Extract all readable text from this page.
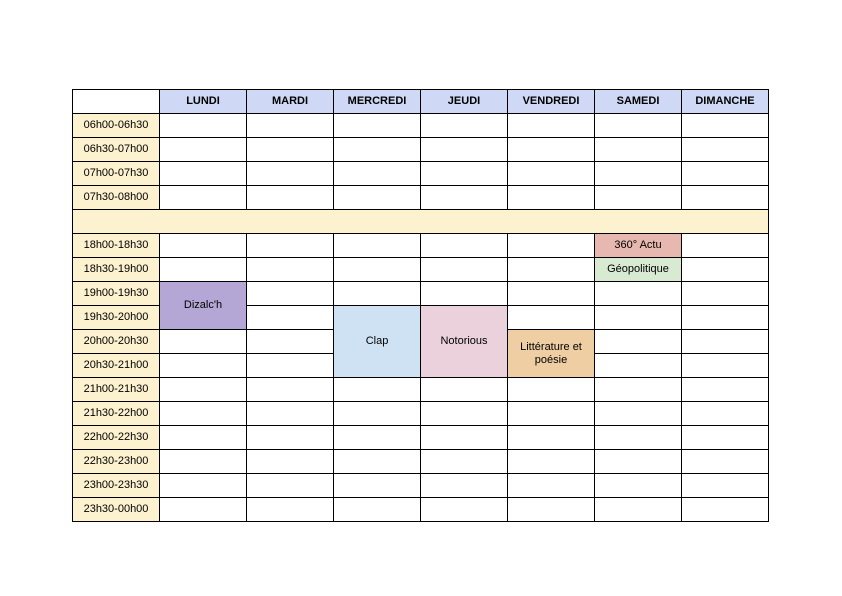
	LUNDI	MARDI	MERCREDI	JEUDI	VENDREDI	SAMEDI	DIMANCHE
06h00-06h30							
06h30-07h00							
07h00-07h30							
07h30-08h00							

18h00-18h30						360° Actu	
18h30-19h00						Géopolitique	
19h00-19h30	Dizalc'h						
19h30-20h00			Clap	Notorious			
20h00-20h30					Littérature et poésie		
20h30-21h00							
21h00-21h30							
21h30-22h00							
22h00-22h30							
22h30-23h00							
23h00-23h30							
23h30-00h00							
